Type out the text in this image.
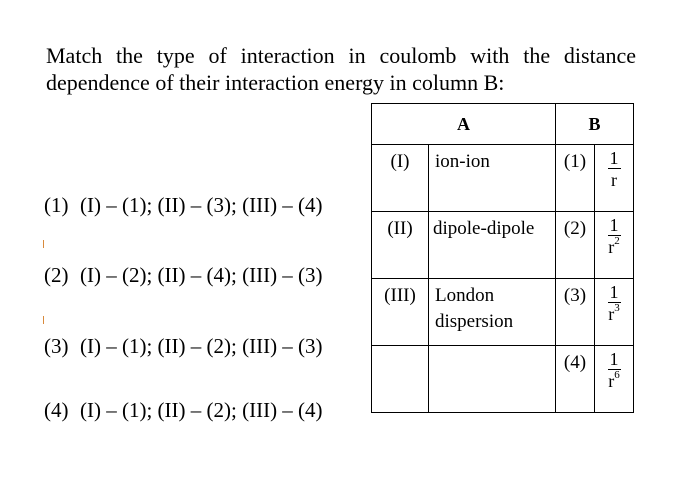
Match the type of interaction in coulomb with the distance dependence of their interaction energy in column B:
(1) (I) – (1); (II) – (3); (III) – (4)
(2) (I) – (2); (II) – (4); (III) – (3)
(3) (I) – (1); (II) – (2); (III) – (3)
(4) (I) – (1); (II) – (2); (III) – (4)
A		B	
(I)	ion-ion	(1)	$\frac{1}{r}$

(II)	dipole-dipole	(2)	$\frac{1}{r^2}$

(III)	London dispersion	(3)	$\frac{1}{r^3}$

		(4)	$\frac{1}{r^6}$
